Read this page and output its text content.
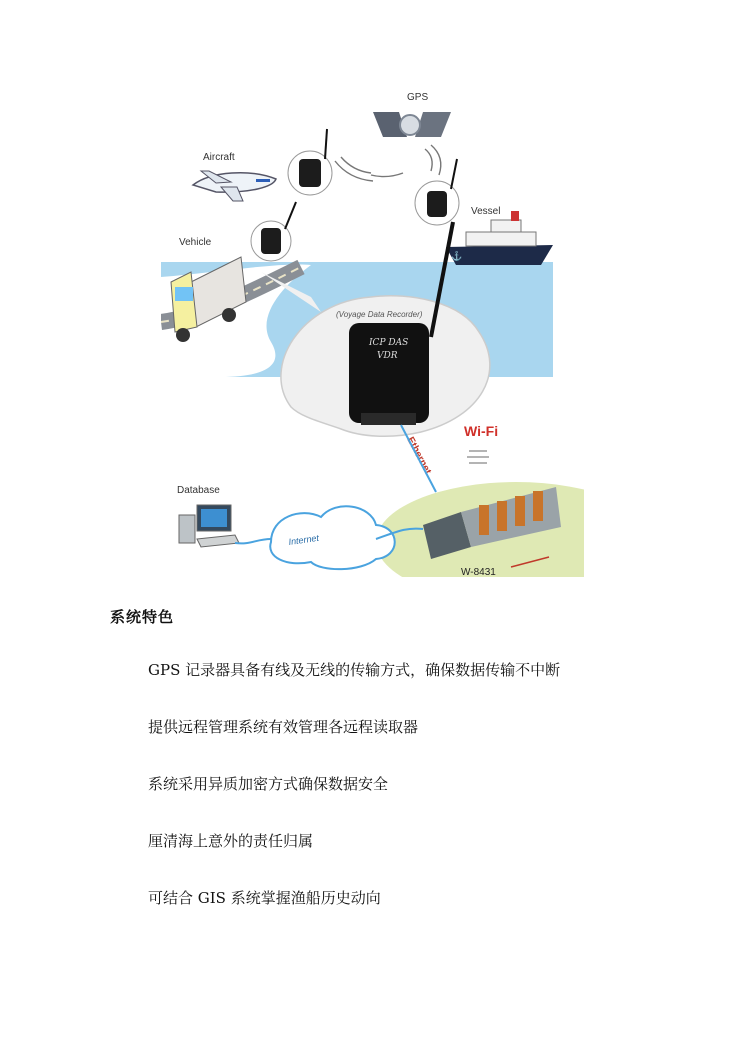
GPS
Aircraft
Vehicle
Vessel
⚓
(Voyage Data Recorder)
ICP DAS
VDR
Ethernet
Wi-Fi
W-8431
Database
Internet
系统特色
GPS 记录器具备有线及无线的传输方式，确保数据传输不中断
提供远程管理系统有效管理各远程读取器
系统采用异质加密方式确保数据安全
厘清海上意外的责任归属
可结合 GIS 系统掌握渔船历史动向
